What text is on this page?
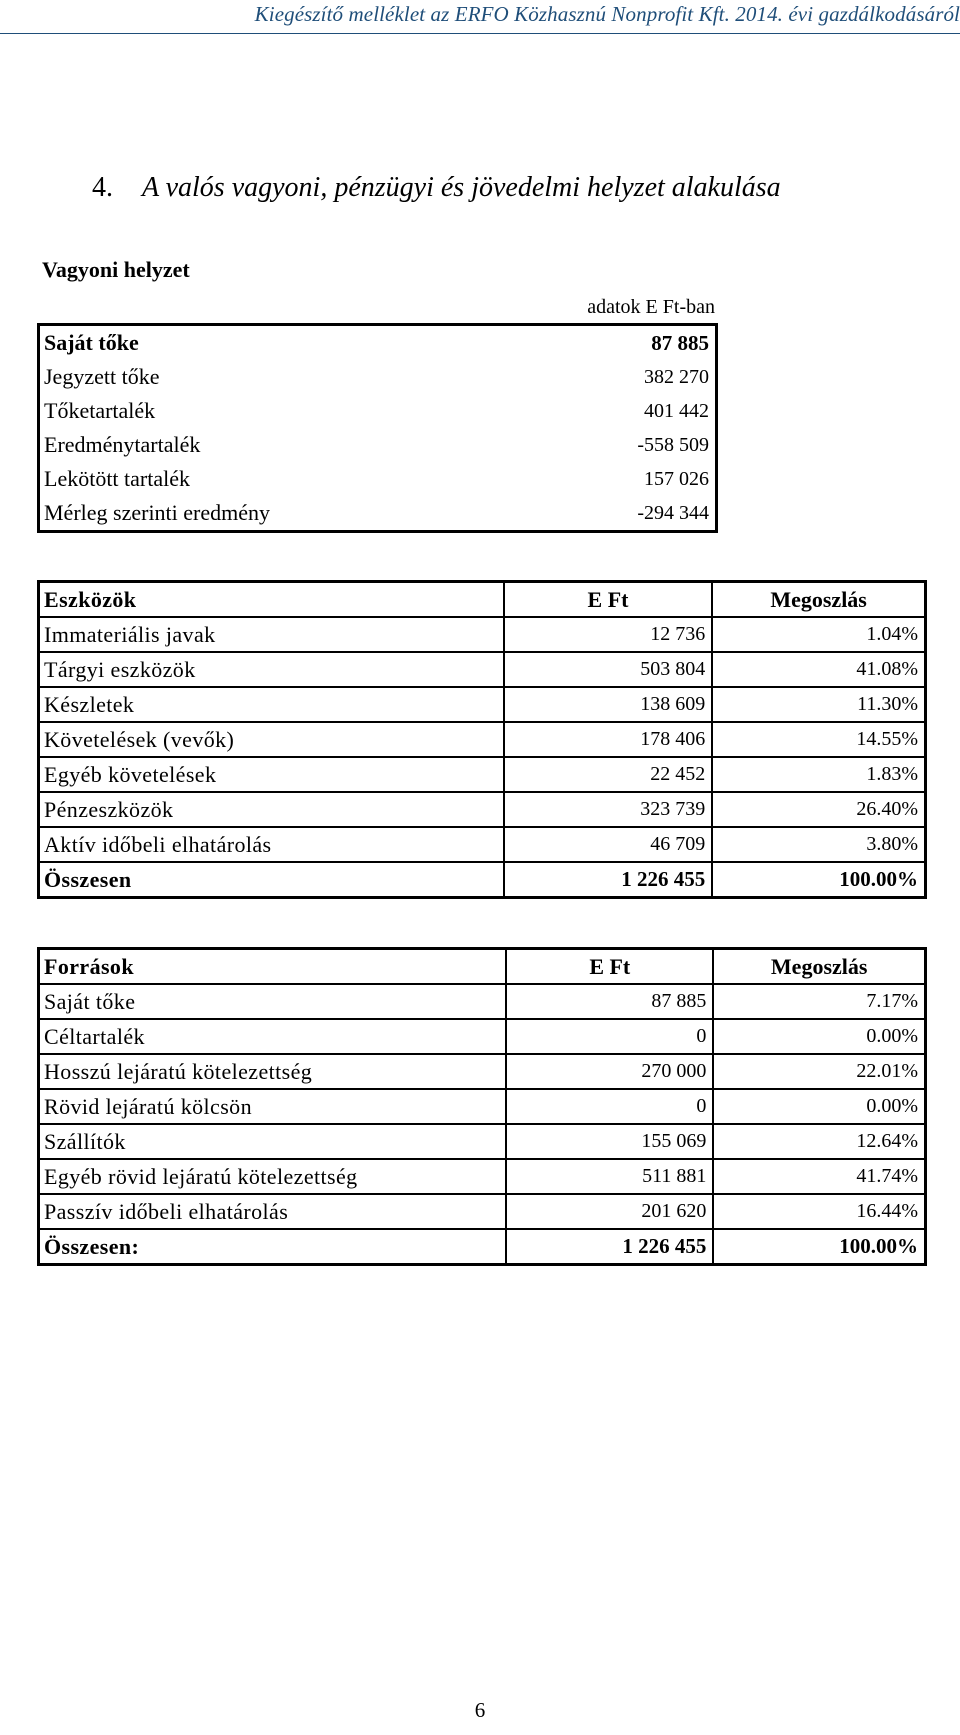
Kiegészítő melléklet az ERFO Közhasznú Nonprofit Kft. 2014. évi gazdálkodásáról
4. A valós vagyoni, pénzügyi és jövedelmi helyzet alakulása
Vagyoni helyzet
adatok E Ft-ban
Saját tőke	87 885
Jegyzett tőke	382 270
Tőketartalék	401 442
Eredménytartalék	-558 509
Lekötött tartalék	157 026
Mérleg szerinti eredmény	-294 344
Eszközök	E Ft	Megoszlás
Immateriális javak	12 736	1.04%
Tárgyi eszközök	503 804	41.08%
Készletek	138 609	11.30%
Követelések (vevők)	178 406	14.55%
Egyéb követelések	22 452	1.83%
Pénzeszközök	323 739	26.40%
Aktív időbeli elhatárolás	46 709	3.80%
Összesen	1 226 455	100.00%
Források	E Ft	Megoszlás
Saját tőke	87 885	7.17%
Céltartalék	0	0.00%
Hosszú lejáratú kötelezettség	270 000	22.01%
Rövid lejáratú kölcsön	0	0.00%
Szállítók	155 069	12.64%
Egyéb rövid lejáratú kötelezettség	511 881	41.74%
Passzív időbeli elhatárolás	201 620	16.44%
Összesen:	1 226 455	100.00%
6
